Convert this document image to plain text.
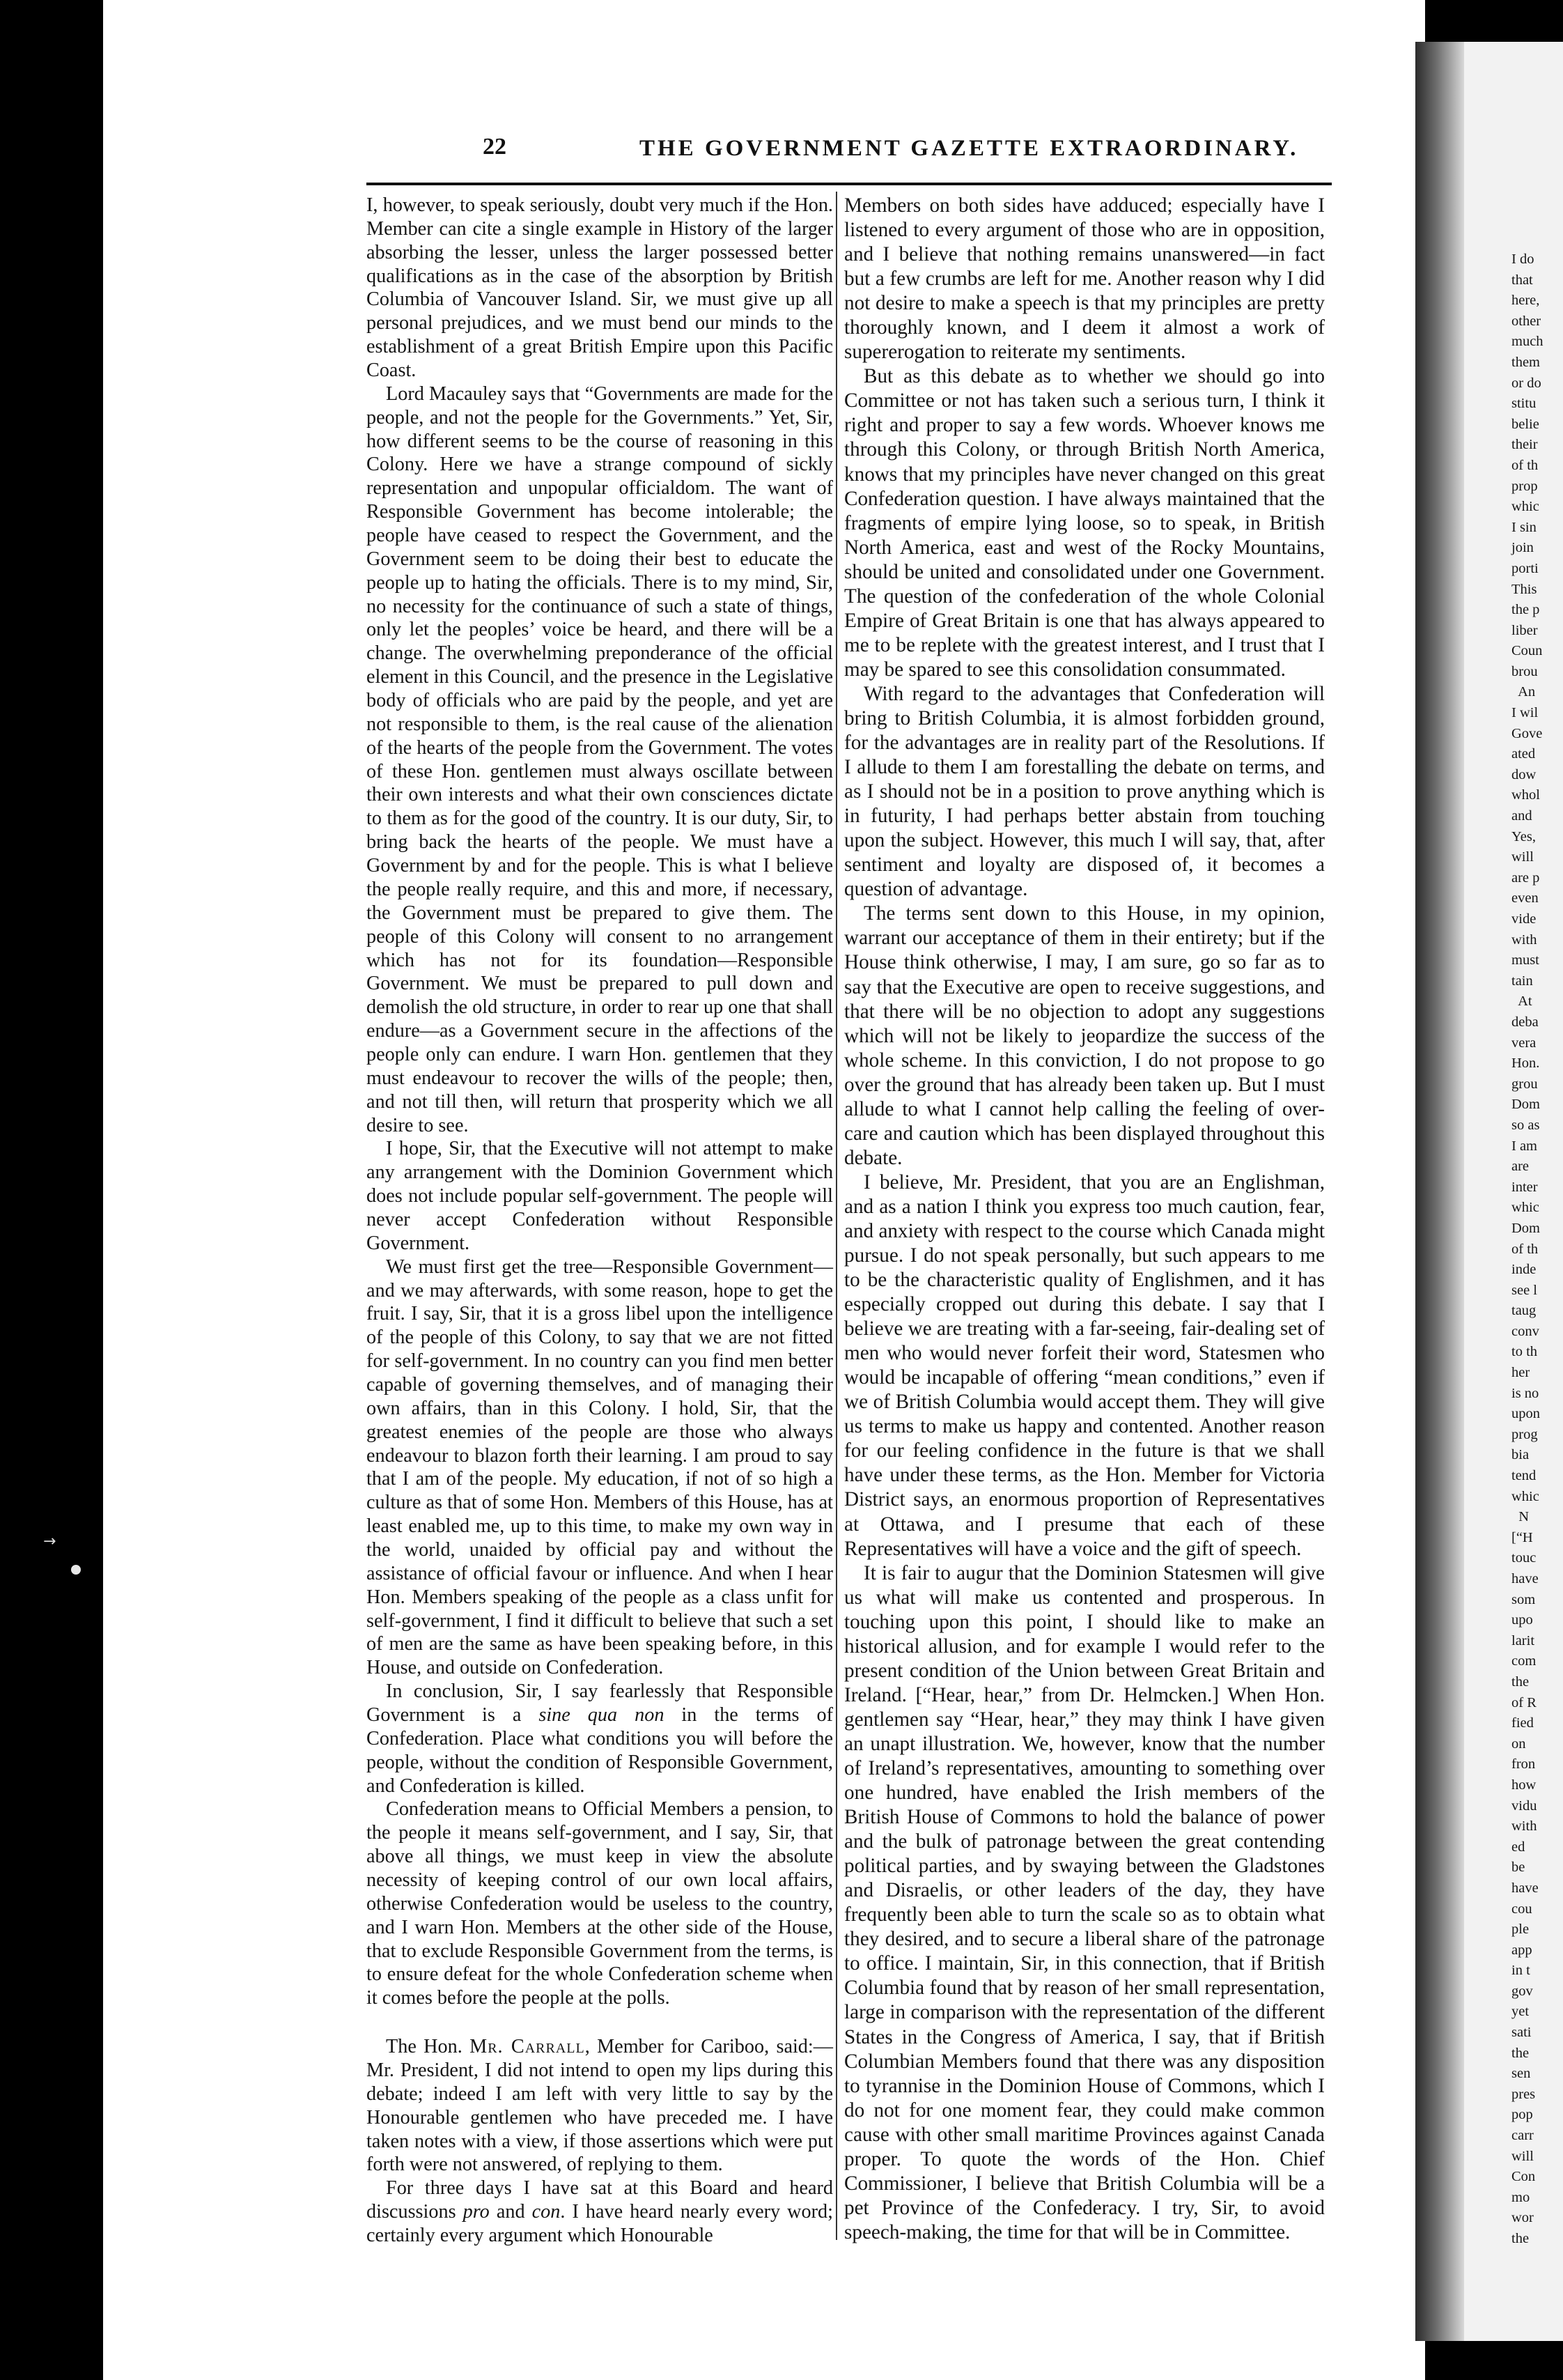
22	THE GOVERNMENT GAZETTE EXTRAORDINARY.

I, however, to speak seriously, doubt very much if the Hon. Member can cite a single example in History of the larger absorbing the lesser, unless the larger possessed better qualifications as in the case of the absorption by British Columbia of Vancouver Island. Sir, we must give up all personal prejudices, and we must bend our minds to the establishment of a great British Empire upon this Pacific Coast.

Lord Macauley says that “Governments are made for the people, and not the people for the Governments.” Yet, Sir, how different seems to be the course of reasoning in this Colony. Here we have a strange compound of sickly representation and unpopular officialdom. The want of Responsible Government has become intolerable; the people have ceased to respect the Government, and the Government seem to be doing their best to educate the people up to hating the officials. There is to my mind, Sir, no necessity for the continuance of such a state of things, only let the peoples’ voice be heard, and there will be a change. The overwhelming preponderance of the official element in this Council, and the presence in the Legislative body of officials who are paid by the people, and yet are not responsible to them, is the real cause of the alienation of the hearts of the people from the Government. The votes of these Hon. gentlemen must always oscillate between their own interests and what their own consciences dictate to them as for the good of the country. It is our duty, Sir, to bring back the hearts of the people. We must have a Government by and for the people. This is what I believe the people really require, and this and more, if necessary, the Government must be prepared to give them. The people of this Colony will consent to no arrangement which has not for its foundation—Responsible Government. We must be prepared to pull down and demolish the old structure, in order to rear up one that shall endure—as a Government secure in the affections of the people only can endure. I warn Hon. gentlemen that they must endeavour to recover the wills of the people; then, and not till then, will return that prosperity which we all desire to see.

I hope, Sir, that the Executive will not attempt to make any arrangement with the Dominion Government which does not include popular self-government. The people will never accept Confederation without Responsible Government.

We must first get the tree—Responsible Government—and we may afterwards, with some reason, hope to get the fruit. I say, Sir, that it is a gross libel upon the intelligence of the people of this Colony, to say that we are not fitted for self-government. In no country can you find men better capable of governing themselves, and of managing their own affairs, than in this Colony. I hold, Sir, that the greatest enemies of the people are those who always endeavour to blazon forth their learning. I am proud to say that I am of the people. My education, if not of so high a culture as that of some Hon. Members of this House, has at least enabled me, up to this time, to make my own way in the world, unaided by official pay and without the assistance of official favour or influence. And when I hear Hon. Members speaking of the people as a class unfit for self-government, I find it difficult to believe that such a set of men are the same as have been speaking before, in this House, and outside on Confederation.

In conclusion, Sir, I say fearlessly that Responsible Government is a sine qua non in the terms of Confederation. Place what conditions you will before the people, without the condition of Responsible Government, and Confederation is killed.

Confederation means to Official Members a pension, to the people it means self-government, and I say, Sir, that above all things, we must keep in view the absolute necessity of keeping control of our own local affairs, otherwise Confederation would be useless to the country, and I warn Hon. Members at the other side of the House, that to exclude Responsible Government from the terms, is to ensure defeat for the whole Confederation scheme when it comes before the people at the polls.

The Hon. Mr. Carrall, Member for Cariboo, said:—Mr. President, I did not intend to open my lips during this debate; indeed I am left with very little to say by the Honourable gentlemen who have preceded me. I have taken notes with a view, if those assertions which were put forth were not answered, of replying to them.

For three days I have sat at this Board and heard discussions pro and con. I have heard nearly every word; certainly every argument which Honourable

Members on both sides have adduced; especially have I listened to every argument of those who are in opposition, and I believe that nothing remains unanswered—in fact but a few crumbs are left for me. Another reason why I did not desire to make a speech is that my principles are pretty thoroughly known, and I deem it almost a work of supererogation to reiterate my sentiments.

But as this debate as to whether we should go into Committee or not has taken such a serious turn, I think it right and proper to say a few words. Whoever knows me through this Colony, or through British North America, knows that my principles have never changed on this great Confederation question. I have always maintained that the fragments of empire lying loose, so to speak, in British North America, east and west of the Rocky Mountains, should be united and consolidated under one Government. The question of the confederation of the whole Colonial Empire of Great Britain is one that has always appeared to me to be replete with the greatest interest, and I trust that I may be spared to see this consolidation consummated.

With regard to the advantages that Confederation will bring to British Columbia, it is almost forbidden ground, for the advantages are in reality part of the Resolutions. If I allude to them I am forestalling the debate on terms, and as I should not be in a position to prove anything which is in futurity, I had perhaps better abstain from touching upon the subject. However, this much I will say, that, after sentiment and loyalty are disposed of, it becomes a question of advantage.

The terms sent down to this House, in my opinion, warrant our acceptance of them in their entirety; but if the House think otherwise, I may, I am sure, go so far as to say that the Executive are open to receive suggestions, and that there will be no objection to adopt any suggestions which will not be likely to jeopardize the success of the whole scheme. In this conviction, I do not propose to go over the ground that has already been taken up. But I must allude to what I cannot help calling the feeling of over-care and caution which has been displayed throughout this debate.

I believe, Mr. President, that you are an Englishman, and as a nation I think you express too much caution, fear, and anxiety with respect to the course which Canada might pursue. I do not speak personally, but such appears to me to be the characteristic quality of Englishmen, and it has especially cropped out during this debate. I say that I believe we are treating with a far-seeing, fair-dealing set of men who would never forfeit their word, Statesmen who would be incapable of offering “mean conditions,” even if we of British Columbia would accept them. They will give us terms to make us happy and contented. Another reason for our feeling confidence in the future is that we shall have under these terms, as the Hon. Member for Victoria District says, an enormous proportion of Representatives at Ottawa, and I presume that each of these Representatives will have a voice and the gift of speech.

It is fair to augur that the Dominion Statesmen will give us what will make us contented and prosperous. In touching upon this point, I should like to make an historical allusion, and for example I would refer to the present condition of the Union between Great Britain and Ireland. [“Hear, hear,” from Dr. Helmcken.] When Hon. gentlemen say “Hear, hear,” they may think I have given an unapt illustration. We, however, know that the number of Ireland’s representatives, amounting to something over one hundred, have enabled the Irish members of the British House of Commons to hold the balance of power and the bulk of patronage between the great contending political parties, and by swaying between the Gladstones and Disraelis, or other leaders of the day, they have frequently been able to turn the scale so as to obtain what they desired, and to secure a liberal share of the patronage to office. I maintain, Sir, in this connection, that if British Columbia found that by reason of her small representation, large in comparison with the representation of the different States in the Congress of America, I say, that if British Columbian Members found that there was any disposition to tyrannise in the Dominion House of Commons, which I do not for one moment fear, they could make common cause with other small maritime Provinces against Canada proper. To quote the words of the Hon. Chief Commissioner, I believe that British Columbia will be a pet Province of the Confederacy. I try, Sir, to avoid speech-making, the time for that will be in Committee.

I do
that
here,
other
much
them
or do
stitu
belie
their
of th
prop
whic
I sin
join
porti
This
the p
liber
Coun
brou
An
I wil
Gove
ated
dow
whol
and
Yes,
will
are p
even
vide
with
must
tain
At
deba
vera
Hon.
grou
Dom
so as
I am
are
inter
whic
Dom
of th
inde
see l
taug
conv
to th
her
is no
upon
prog
bia
tend
whic
N
[“H
touc
have
som
upo
larit
com
the
of R
fied
on
fron
how
vidu
with
ed
be
have
cou
ple
app
in t
gov
yet
sati
the
sen
pres
pop
carr
will
Con
mo
wor
the
→
